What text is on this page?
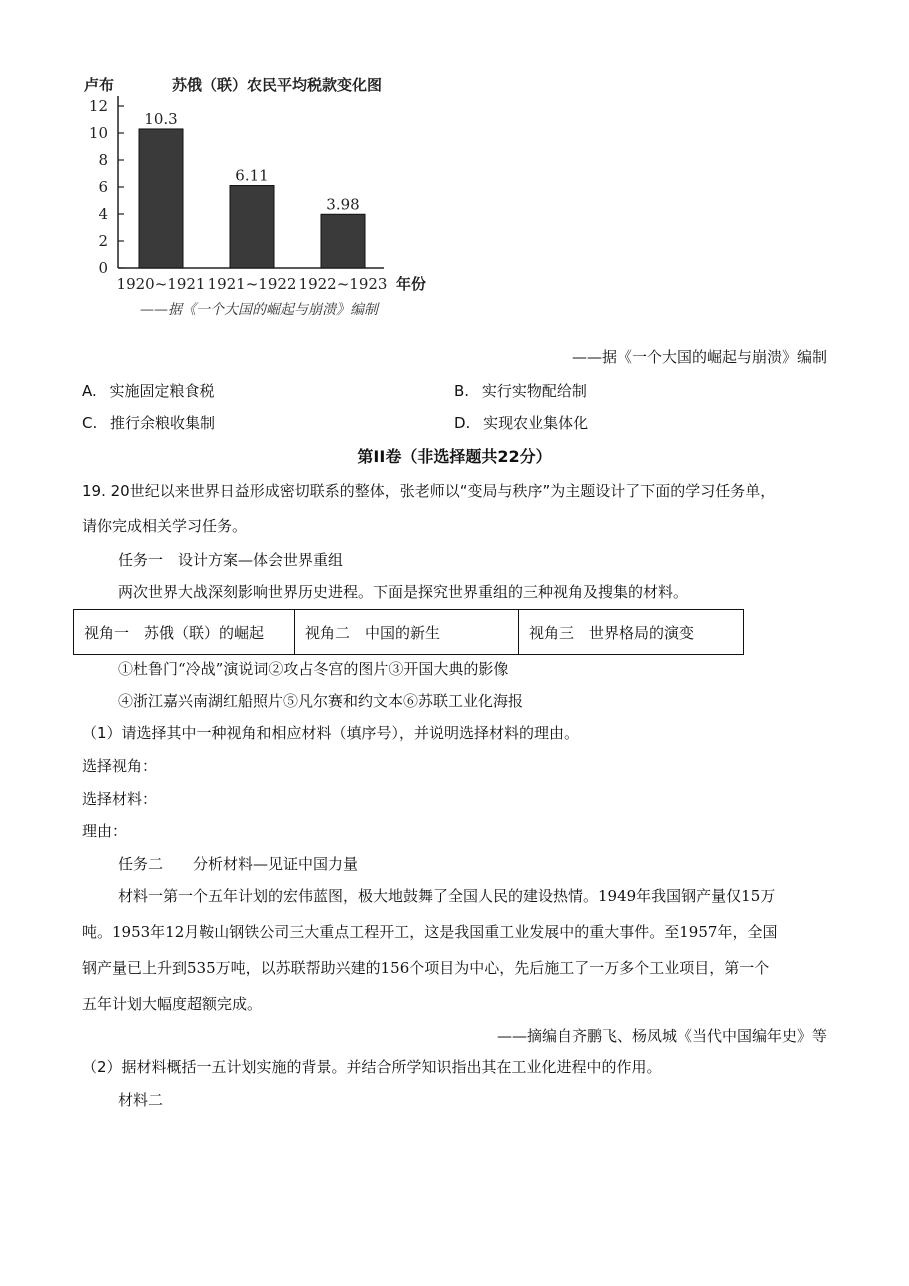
卢布	苏俄（联）农民平均税款变化图
0
2
4
6
8
10
12
10.3
1920~1921
6.11
1921~1922
3.98
1922~1923 年份
——据《一个大国的崛起与崩溃》编制
——据《一个大国的崛起与崩溃》编制
A. 实施固定粮食税	B. 实行实物配给制
C. 推行余粮收集制	D. 实现农业集体化
第II卷（非选择题共22分）
19. 20世纪以来世界日益形成密切联系的整体，张老师以“变局与秩序”为主题设计了下面的学习任务单，
请你完成相关学习任务。
任务一　设计方案—体会世界重组
两次世界大战深刻影响世界历史进程。下面是探究世界重组的三种视角及搜集的材料。
视角一　苏俄（联）的崛起	视角二　中国的新生	视角三　世界格局的演变
①杜鲁门“冷战”演说词②攻占冬宫的图片③开国大典的影像
④浙江嘉兴南湖红船照片⑤凡尔赛和约文本⑥苏联工业化海报
（1）请选择其中一种视角和相应材料（填序号），并说明选择材料的理由。
选择视角：
选择材料：
理由：
任务二　　分析材料—见证中国力量
材料一第一个五年计划的宏伟蓝图，极大地鼓舞了全国人民的建设热情。1949年我国钢产量仅15万
吨。1953年12月鞍山钢铁公司三大重点工程开工，这是我国重工业发展中的重大事件。至1957年，全国
钢产量已上升到535万吨，以苏联帮助兴建的156个项目为中心，先后施工了一万多个工业项目，第一个
五年计划大幅度超额完成。
——摘编自齐鹏飞、杨凤城《当代中国编年史》等
（2）据材料概括一五计划实施的背景。并结合所学知识指出其在工业化进程中的作用。
材料二
